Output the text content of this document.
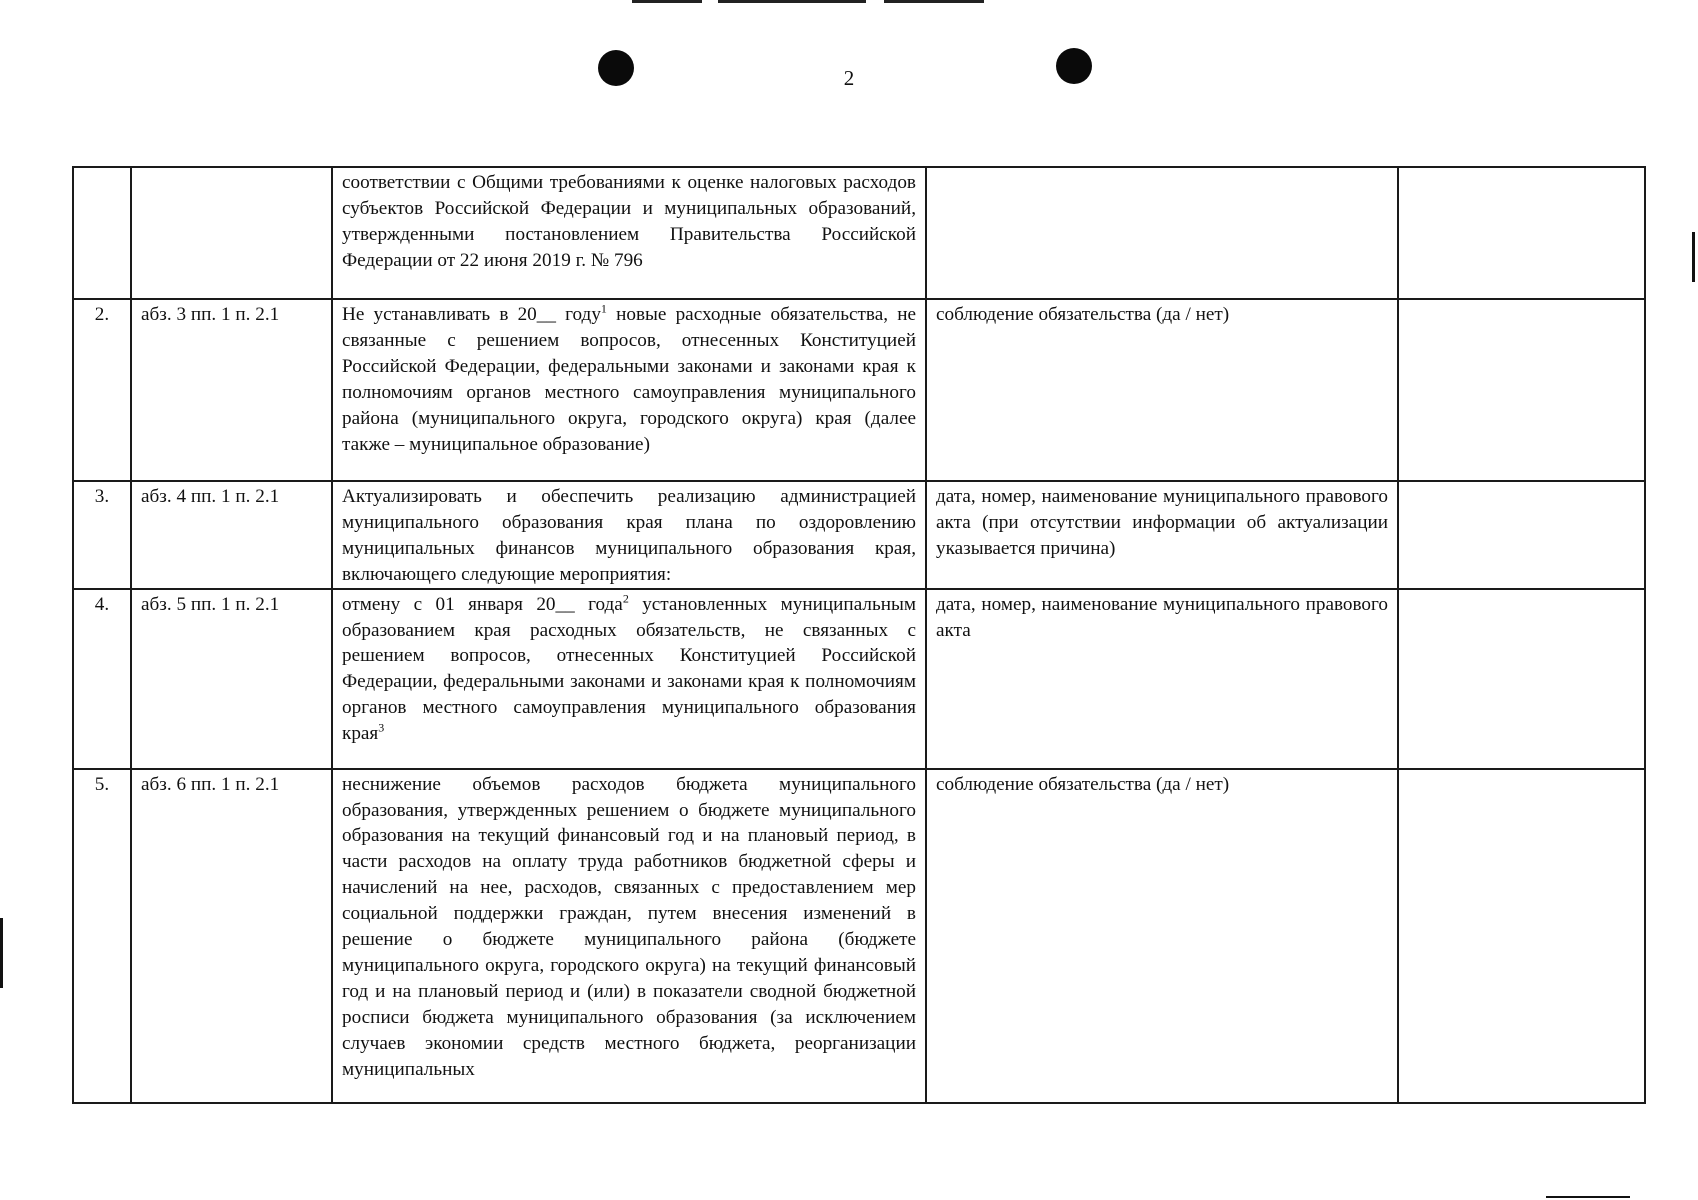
2
		соответствии с Общими требованиями к оценке налоговых расходов субъектов Российской Федерации и муниципальных образований, утвержденными постановлением Правительства Российской Федерации от 22 июня 2019 г. № 796		
2.	абз. 3 пп. 1 п. 2.1	Не устанавливать в 20__ году$^1$ новые расходные обязательства, не связанные с решением вопросов, отнесенных Конституцией Российской Федерации, федеральными законами и законами края к полномочиям органов местного самоуправления муниципального района (муниципального округа, городского округа) края (далее также – муниципальное образование)	соблюдение обязательства (да / нет)	
3.	абз. 4 пп. 1 п. 2.1	Актуализировать и обеспечить реализацию администрацией муниципального образования края плана по оздоровлению муниципальных финансов муниципального образования края, включающего следующие мероприятия:	дата, номер, наименование муниципального правового акта (при отсутствии информации об актуализации указывается причина)	
4.	абз. 5 пп. 1 п. 2.1	отмену с 01 января 20__ года$^2$ установленных муниципальным образованием края расходных обязательств, не связанных с решением вопросов, отнесенных Конституцией Российской Федерации, федеральными законами и законами края к полномочиям органов местного самоуправления муниципального образования края$^3$	дата, номер, наименование муниципального правового акта	
5.	абз. 6 пп. 1 п. 2.1	неснижение объемов расходов бюджета муниципального образования, утвержденных решением о бюджете муниципального образования на текущий финансовый год и на плановый период, в части расходов на оплату труда работников бюджетной сферы и начислений на нее, расходов, связанных с предоставлением мер социальной поддержки граждан, путем внесения изменений в решение о бюджете муниципального района (бюджете муниципального округа, городского округа) на текущий финансовый год и на плановый период и (или) в показатели сводной бюджетной росписи бюджета муниципального образования (за исключением случаев экономии средств местного бюджета, реорганизации муниципальных	соблюдение обязательства (да / нет)	
